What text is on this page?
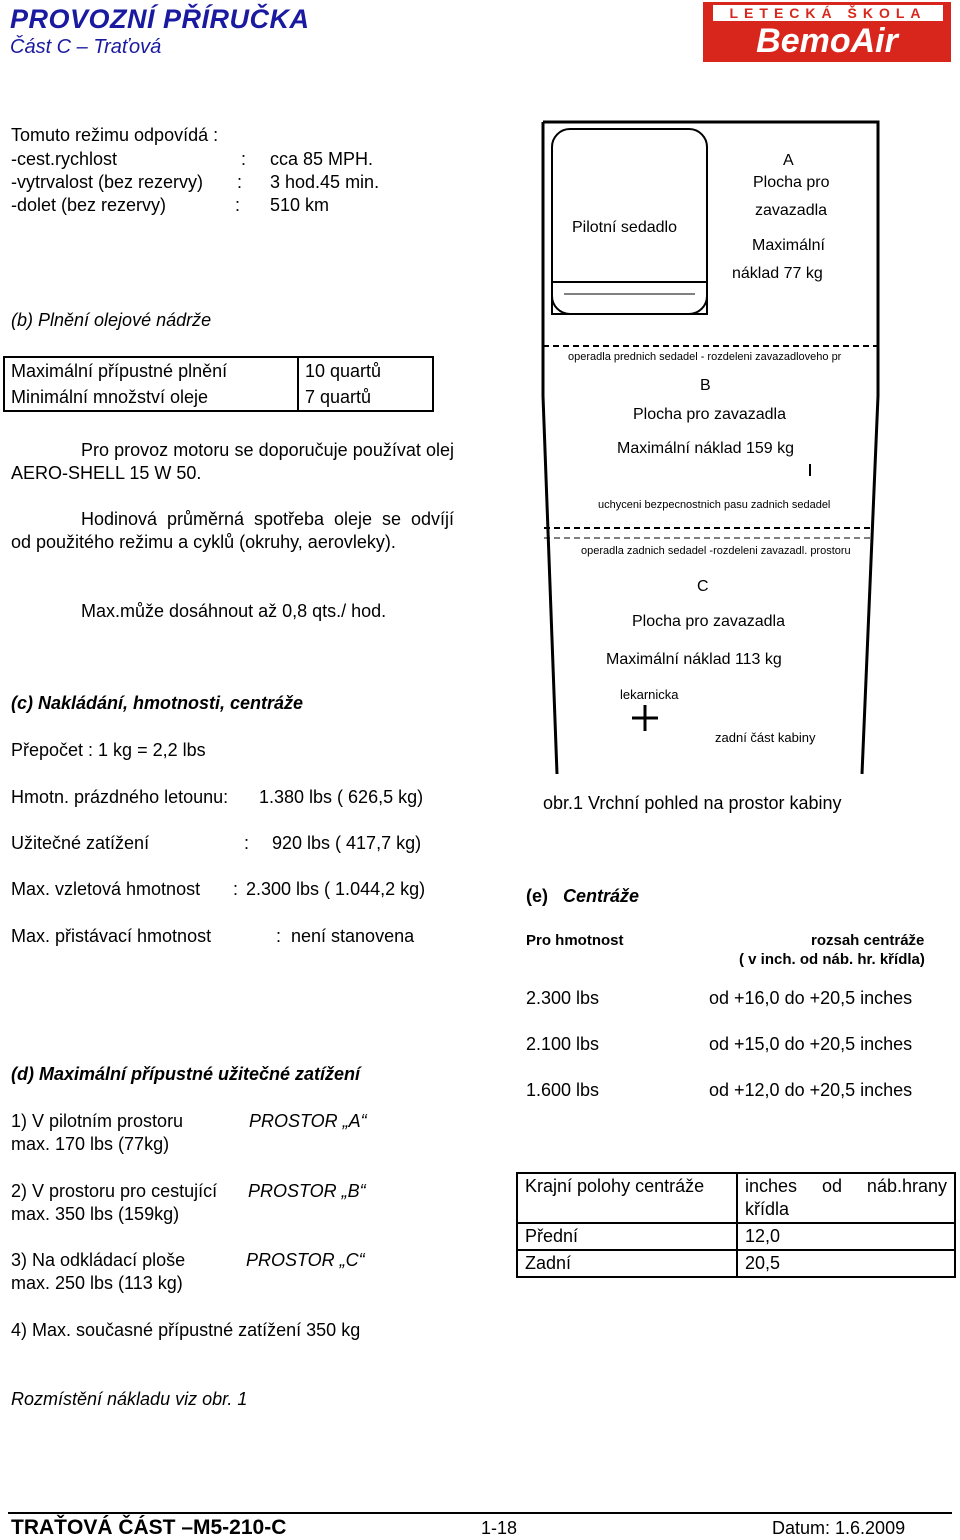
PROVOZNÍ PŘÍRUČKA
Část C – Traťová
LETECKÁ ŠKOLA
BemoAir
Tomuto režimu odpovídá :
-cest.rychlost	: cca 85 MPH.
-vytrvalost (bez rezervy) : 3 hod.45 min.
-dolet (bez rezervy)	: 510 km
(b) Plnění olejové nádrže
Maximální přípustné plnění	10 quartů
Minimální množství oleje	7 quartů
Pro provoz motoru se doporučuje používat olej AERO-SHELL 15 W 50.
Hodinová průměrná spotřeba oleje se odvíjí od použitého režimu a cyklů (okruhy, aerovleky).
Max.může dosáhnout až 0,8 qts./ hod.
(c) Nakládání, hmotnosti, centráže
Přepočet : 1 kg = 2,2 lbs
Hmotn. prázdného letounu: 1.380 lbs ( 626,5 kg)
Užitečné zatížení	: 920 lbs ( 417,7 kg)
Max. vzletová hmotnost : 2.300 lbs ( 1.044,2 kg)
Max. přistávací hmotnost	: není stanovena
(d) Maximální přípustné užitečné zatížení
1) V pilotním prostoru	PROSTOR „A“
max. 170 lbs (77kg)
2) V prostoru pro cestující PROSTOR „B“
max. 350 lbs (159kg)
3) Na odkládací ploše	PROSTOR „C“
max. 250 lbs (113 kg)
4) Max. současné přípustné zatížení 350 kg
Rozmístění nákladu viz obr. 1
Pilotní sedadlo
A
Plocha pro
zavazadla
Maximální
náklad 77 kg
operadla prednich sedadel - rozdeleni zavazadloveho pr
B
Plocha pro zavazadla
Maximální náklad 159 kg
uchyceni bezpecnostnich pasu zadnich sedadel
operadla zadnich sedadel -rozdeleni zavazadl. prostoru
C
Plocha pro zavazadla
Maximální náklad 113 kg
lekarnicka
zadní část kabiny
obr.1 Vrchní pohled na prostor kabiny
(e) Centráže
Pro hmotnost	rozsah centráže
( v inch. od náb. hr. křídla)
2.300 lbs	od +16,0 do +20,5 inches
2.100 lbs	od +15,0 do +20,5 inches
1.600 lbs	od +12,0 do +20,5 inches
Krajní polohy centráže	inches od náb.hrany křídla
Přední	12,0
Zadní	20,5
TRAŤOVÁ ČÁST –M5-210-C	1-18	Datum: 1.6.2009
